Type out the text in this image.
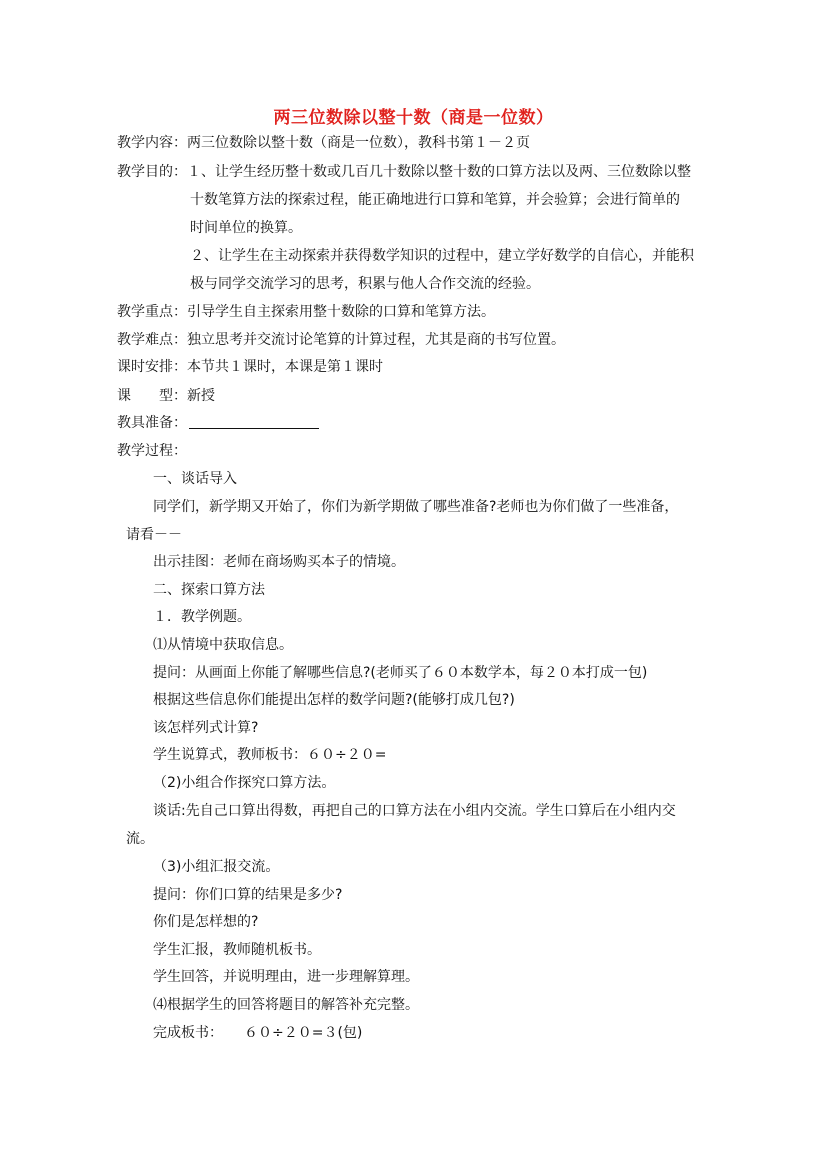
两三位数除以整十数（商是一位数）
教学内容：两三位数除以整十数（商是一位数），教科书第１－２页
教学目的：１、让学生经历整十数或几百几十数除以整十数的口算方法以及两、三位数除以整
十数笔算方法的探索过程，能正确地进行口算和笔算，并会验算；会进行简单的
时间单位的换算。
２、让学生在主动探索并获得数学知识的过程中，建立学好数学的自信心，并能积
极与同学交流学习的思考，积累与他人合作交流的经验。
教学重点：引导学生自主探索用整十数除的口算和笔算方法。
教学难点：独立思考并交流讨论笔算的计算过程，尤其是商的书写位置。
课时安排：本节共１课时，本课是第１课时
课　　型：新授
教具准备：
教学过程：
一、谈话导入
同学们，新学期又开始了，你们为新学期做了哪些准备?老师也为你们做了一些准备，
请看－－
出示挂图：老师在商场购买本子的情境。
二、探索口算方法
１．教学例题。
⑴从情境中获取信息。
提问：从画面上你能了解哪些信息?(老师买了６０本数学本，每２０本打成一包)
根据这些信息你们能提出怎样的数学问题?(能够打成几包?)
该怎样列式计算?
学生说算式，教师板书：６０÷２０=
（2)小组合作探究口算方法。
谈话:先自己口算出得数，再把自己的口算方法在小组内交流。学生口算后在小组内交
流。
（3)小组汇报交流。
提问：你们口算的结果是多少?
你们是怎样想的?
学生汇报，教师随机板书。
学生回答，并说明理由，进一步理解算理。
⑷根据学生的回答将题目的解答补充完整。
完成板书：　　６０÷２０=３(包)
